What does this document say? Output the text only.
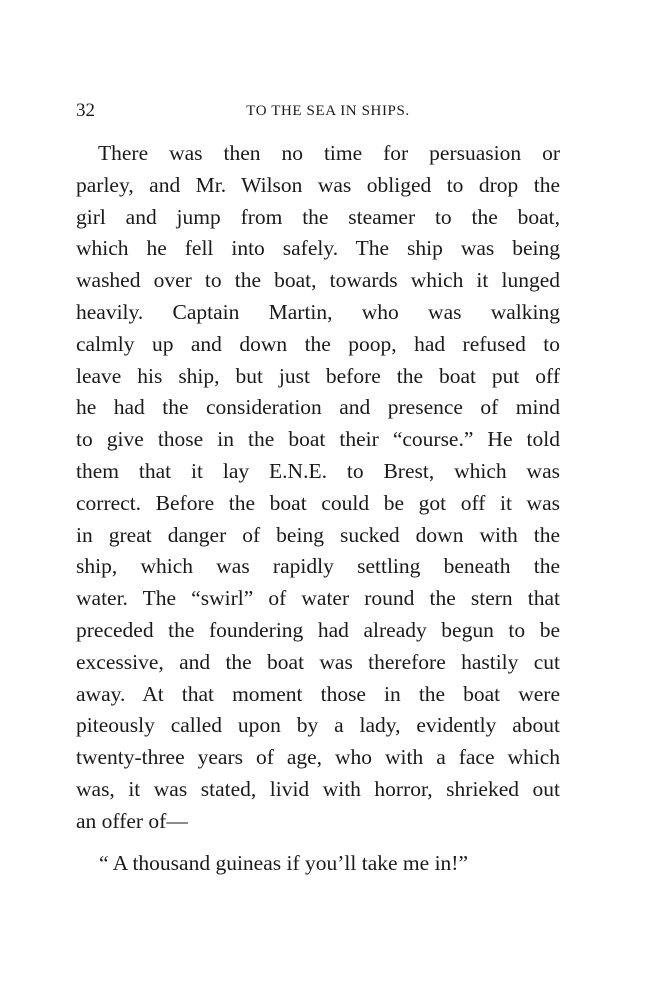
32	TO THE SEA IN SHIPS.
There was then no time for persuasion or
parley, and Mr. Wilson was obliged to drop the
girl and jump from the steamer to the boat,
which he fell into safely. The ship was being
washed over to the boat, towards which it lunged
heavily. Captain Martin, who was walking
calmly up and down the poop, had refused to
leave his ship, but just before the boat put off
he had the consideration and presence of mind
to give those in the boat their “course.” He told
them that it lay E.N.E. to Brest, which was
correct. Before the boat could be got off it was
in great danger of being sucked down with the
ship, which was rapidly settling beneath the
water. The “swirl” of water round the stern that
preceded the foundering had already begun to be
excessive, and the boat was therefore hastily cut
away. At that moment those in the boat were
piteously called upon by a lady, evidently about
twenty-three years of age, who with a face which
was, it was stated, livid with horror, shrieked out
an offer of—
“ A thousand guineas if you’ll take me in!”
